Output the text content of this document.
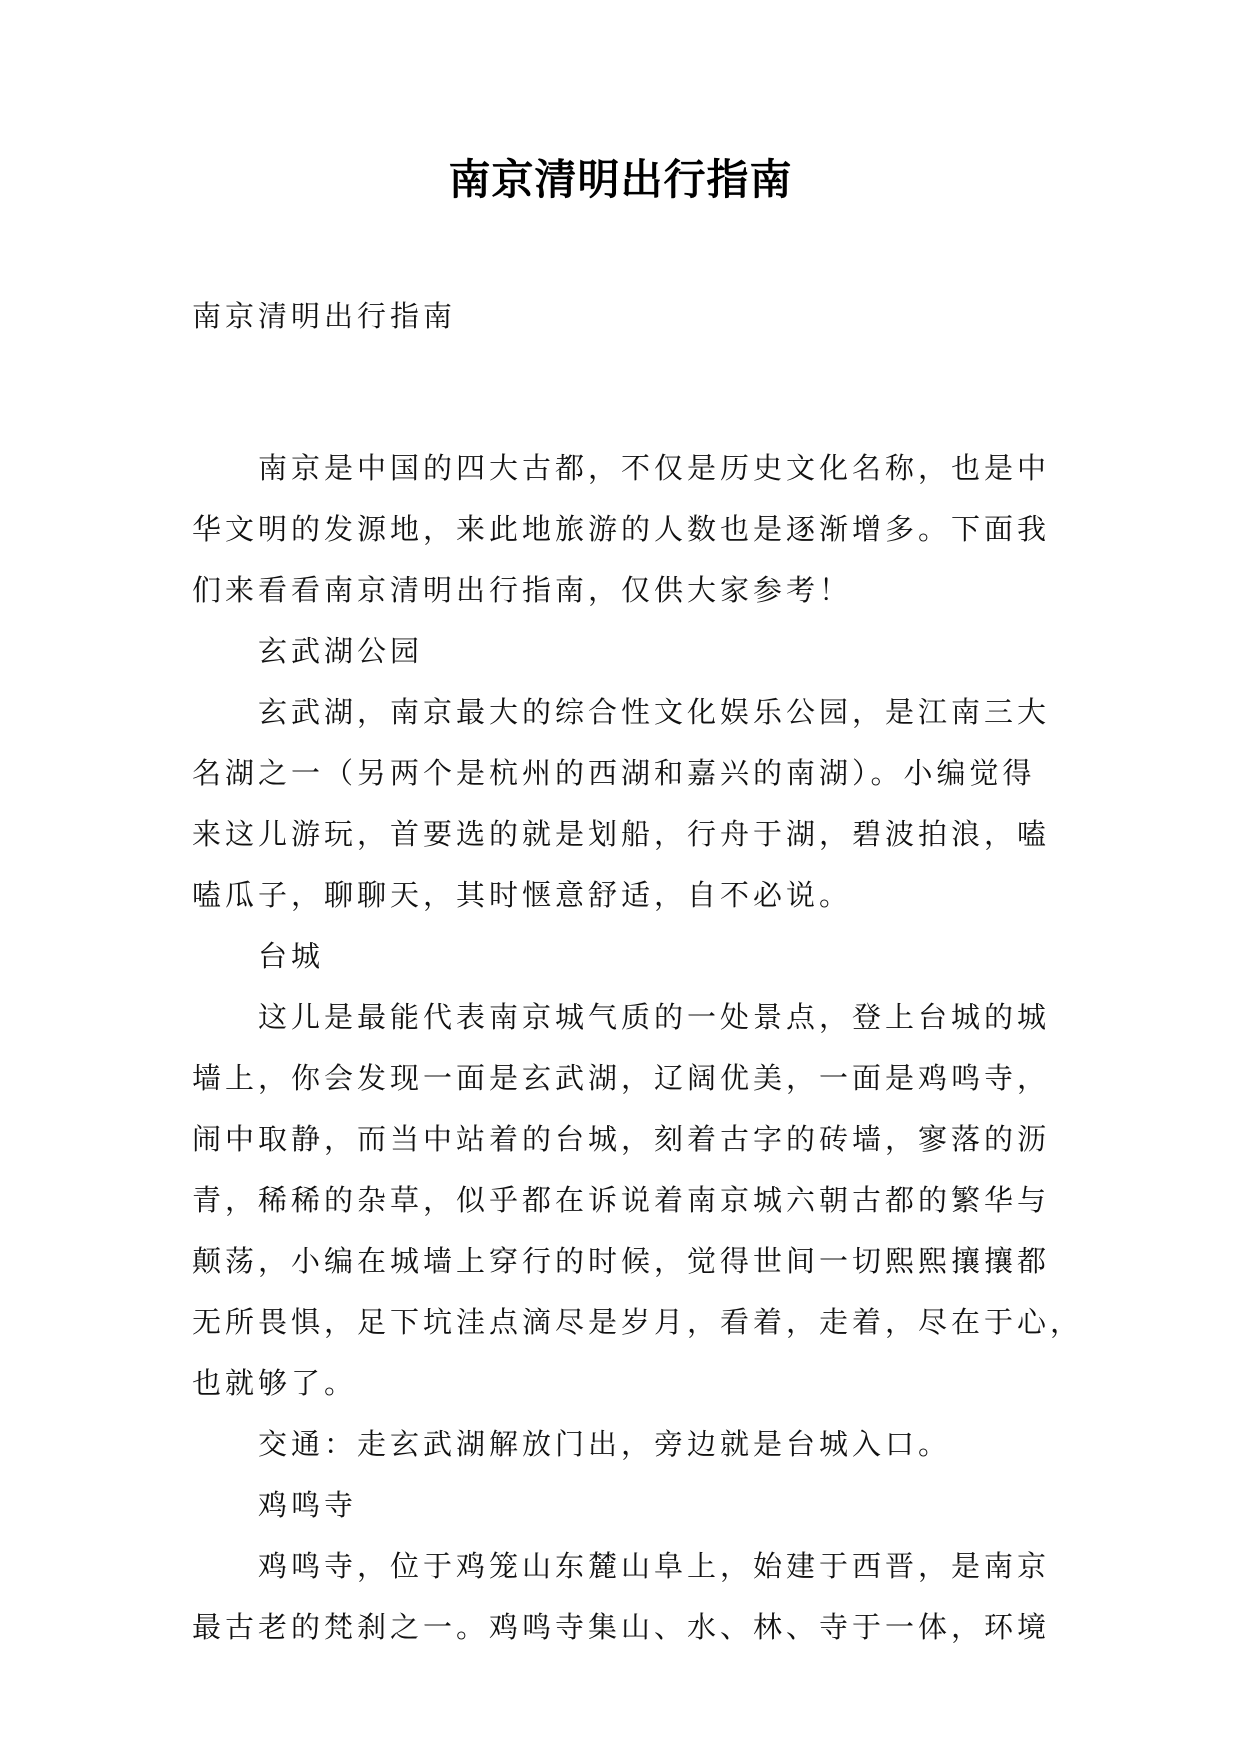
南京清明出行指南
南京清明出行指南
南京是中国的四大古都，不仅是历史文化名称，也是中
华文明的发源地，来此地旅游的人数也是逐渐增多。下面我
们来看看南京清明出行指南，仅供大家参考！
玄武湖公园
玄武湖，南京最大的综合性文化娱乐公园，是江南三大
名湖之一（另两个是杭州的西湖和嘉兴的南湖）。小编觉得
来这儿游玩，首要选的就是划船，行舟于湖，碧波拍浪，嗑
嗑瓜子，聊聊天，其时惬意舒适，自不必说。
台城
这儿是最能代表南京城气质的一处景点，登上台城的城
墙上，你会发现一面是玄武湖，辽阔优美，一面是鸡鸣寺，
闹中取静，而当中站着的台城，刻着古字的砖墙，寥落的沥
青，稀稀的杂草，似乎都在诉说着南京城六朝古都的繁华与
颠荡，小编在城墙上穿行的时候，觉得世间一切熙熙攘攘都
无所畏惧，足下坑洼点滴尽是岁月，看着，走着，尽在于心，
也就够了。
交通：走玄武湖解放门出，旁边就是台城入口。
鸡鸣寺
鸡鸣寺，位于鸡笼山东麓山阜上，始建于西晋，是南京
最古老的梵刹之一。鸡鸣寺集山、水、林、寺于一体，环境
